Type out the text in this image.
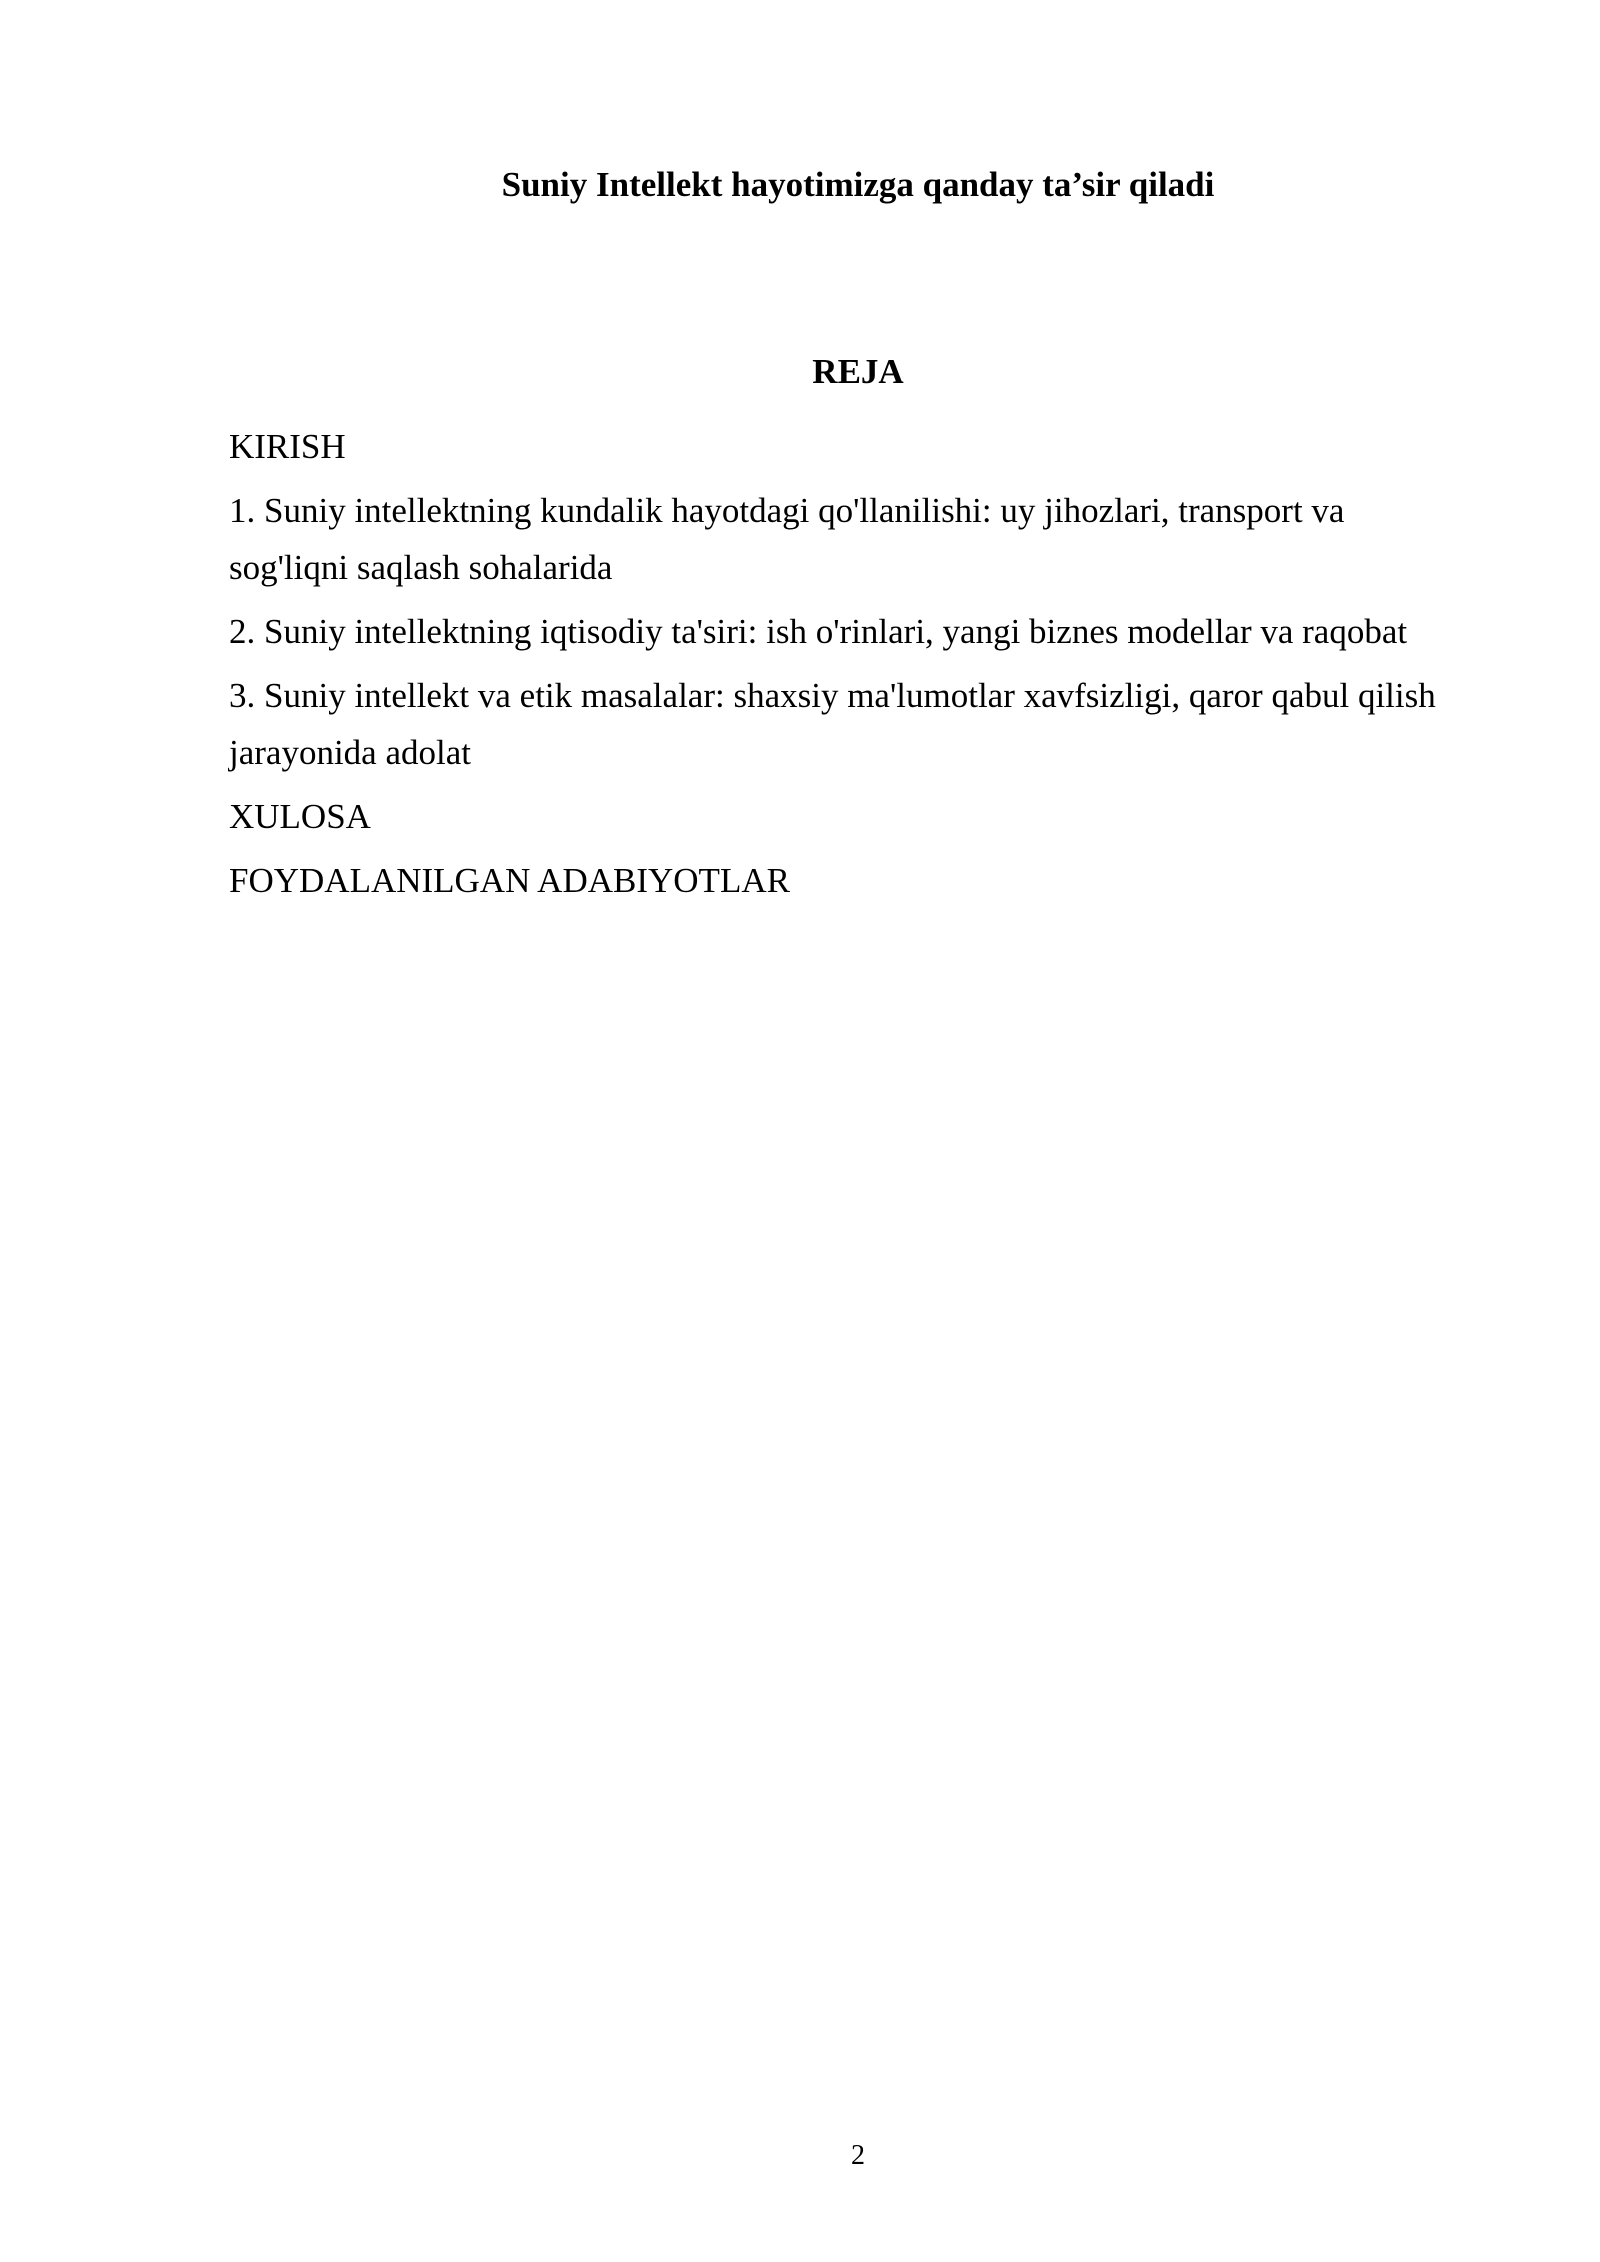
Suniy Intellekt hayotimizga qanday ta’sir qiladi
REJA
KIRISH
1. Suniy intellektning kundalik hayotdagi qo'llanilishi: uy jihozlari, transport va sog'liqni saqlash sohalarida
2. Suniy intellektning iqtisodiy ta'siri: ish o'rinlari, yangi biznes modellar va raqobat
3. Suniy intellekt va etik masalalar: shaxsiy ma'lumotlar xavfsizligi, qaror qabul qilish jarayonida adolat
XULOSA
FOYDALANILGAN ADABIYOTLAR
2
